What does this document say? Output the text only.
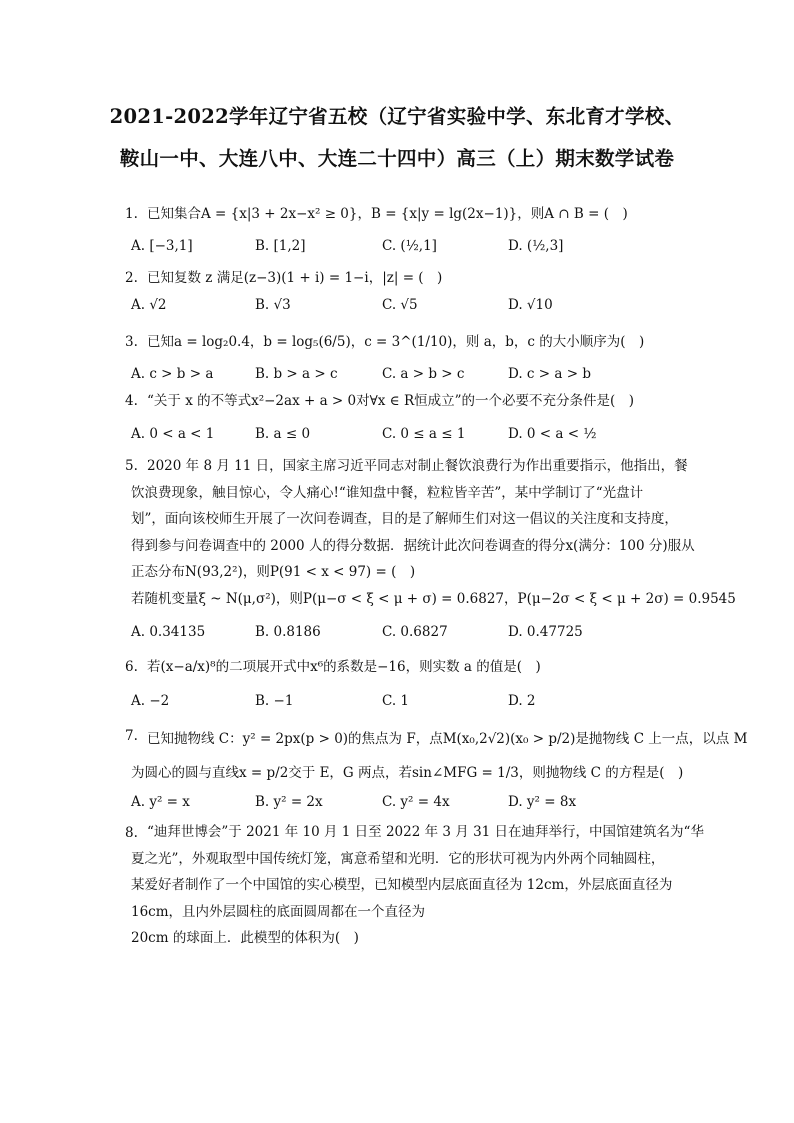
2021-2022学年辽宁省五校（辽宁省实验中学、东北育才学校、
鞍山一中、大连八中、大连二十四中）高三（上）期末数学试卷
1. 已知集合A = {x|3 + 2x−x² ≥ 0}，B = {x|y = lg(2x−1)}，则A ∩ B = (　)
A. [−3,1]	B. [1,2]	C. (½,1]	D. (½,3]
2. 已知复数 z 满足(z−3)(1 + i) = 1−i，|z| = (　)
A. √2	B. √3	C. √5	D. √10
3. 已知a = log₂0.4，b = log₅(6/5)，c = 3^(1/10)，则 a，b，c 的大小顺序为(　)
A. c > b > a	B. b > a > c	C. a > b > c	D. c > a > b
4. “关于 x 的不等式x²−2ax + a > 0对∀x ∈ R恒成立”的一个必要不充分条件是(　)
A. 0 < a < 1	B. a ≤ 0	C. 0 ≤ a ≤ 1	D. 0 < a < ½
5. 2020 年 8 月 11 日，国家主席习近平同志对制止餐饮浪费行为作出重要指示，他指出，餐
饮浪费现象，触目惊心，令人痛心!“谁知盘中餐，粒粒皆辛苦”，某中学制订了“光盘计
划”，面向该校师生开展了一次问卷调查，目的是了解师生们对这一倡议的关注度和支持度，
得到参与问卷调查中的 2000 人的得分数据．据统计此次问卷调查的得分x(满分：100 分)服从
正态分布N(93,2²)，则P(91 < x < 97) = (　)
若随机变量ξ ~ N(μ,σ²)，则P(μ−σ < ξ < μ + σ) = 0.6827，P(μ−2σ < ξ < μ + 2σ) = 0.9545
A. 0.34135	B. 0.8186	C. 0.6827	D. 0.47725
6. 若(x−a/x)⁸的二项展开式中x⁶的系数是−16，则实数 a 的值是(　)
A. −2	B. −1	C. 1	D. 2
7. 已知抛物线 C：y² = 2px(p > 0)的焦点为 F，点M(x₀,2√2)(x₀ > p/2)是抛物线 C 上一点，以点 M
为圆心的圆与直线x = p/2交于 E，G 两点，若sin∠MFG = 1/3，则抛物线 C 的方程是(　)
A. y² = x	B. y² = 2x	C. y² = 4x	D. y² = 8x
8. “迪拜世博会”于 2021 年 10 月 1 日至 2022 年 3 月 31 日在迪拜举行，中国馆建筑名为“华
夏之光”，外观取型中国传统灯笼，寓意希望和光明．它的形状可视为内外两个同轴圆柱，
某爱好者制作了一个中国馆的实心模型，已知模型内层底面直径为 12cm，外层底面直径为
16cm，且内外层圆柱的底面圆周都在一个直径为
20cm 的球面上．此模型的体积为(　)
